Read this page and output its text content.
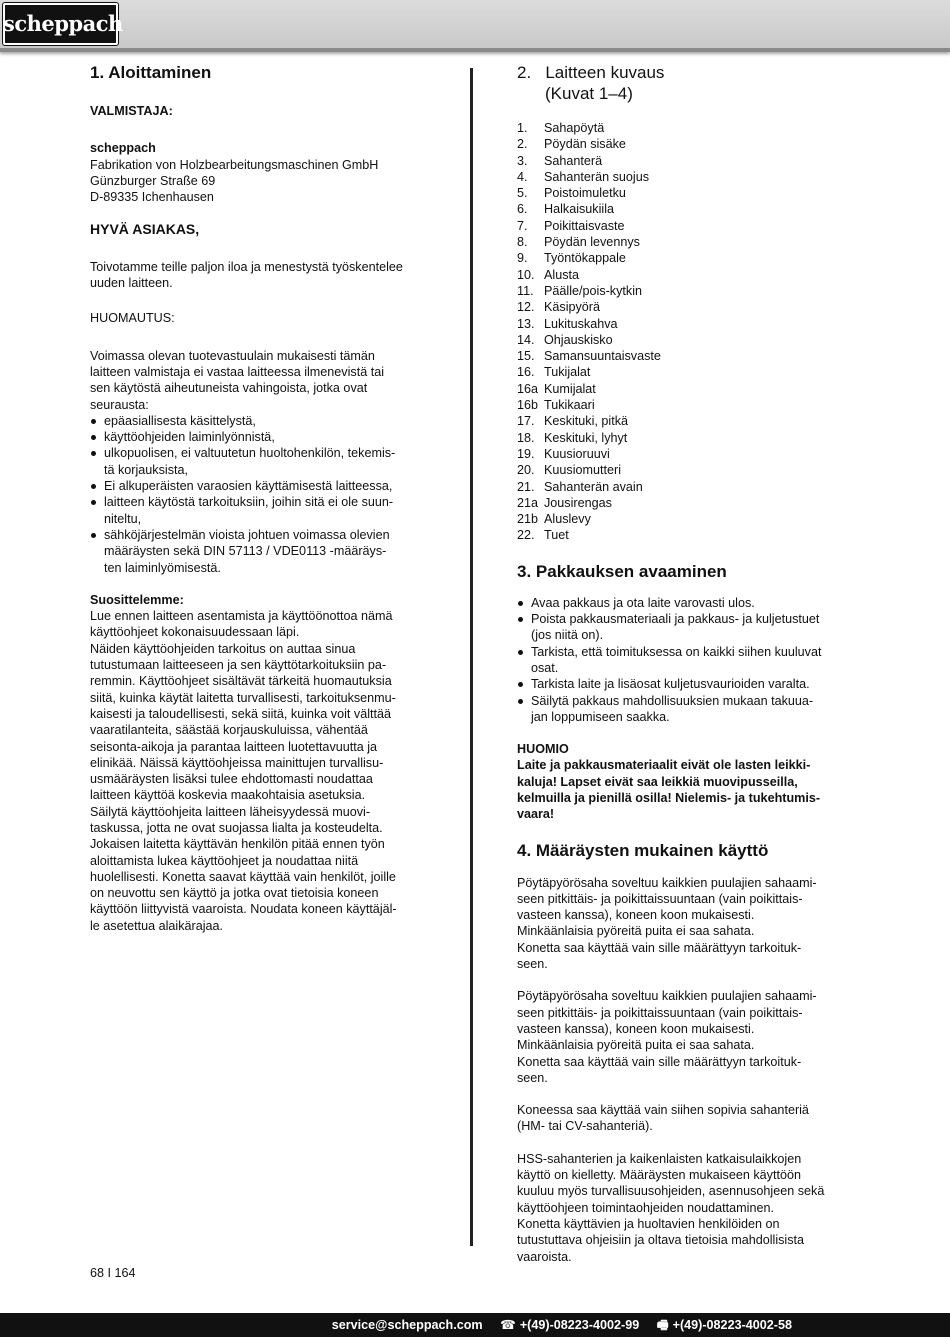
scheppach
1. Aloittaminen

VALMISTAJA:

scheppach

Fabrikation von Holzbearbeitungsmaschinen GmbH
Günzburger Straße 69
D-89335 Ichenhausen

HYVÄ ASIAKAS,

Toivotamme teille paljon iloa ja menestystä työskentelee
uuden laitteen.

HUOMAUTUS:

Voimassa olevan tuotevastuulain mukaisesti tämän
laitteen valmistaja ei vastaa laitteessa ilmenevistä tai
sen käytöstä aiheutuneista vahingoista, jotka ovat
seurausta:
epäasiallisesta käsittelystä,
käyttöohjeiden laiminlyönnistä,
ulkopuolisen, ei valtuutetun huoltohenkilön, tekemis-
tä korjauksista,
Ei alkuperäisten varaosien käyttämisestä laitteessa,
laitteen käytöstä tarkoituksiin, joihin sitä ei ole suun-
niteltu,
sähköjärjestelmän vioista johtuen voimassa olevien
määräysten sekä DIN 57113 / VDE0113 -määräys-
ten laiminlyömisestä.

Suosittelemme:

Lue ennen laitteen asentamista ja käyttöönottoa nämä
käyttöohjeet kokonaisuudessaan läpi.
Näiden käyttöohjeiden tarkoitus on auttaa sinua
tutustumaan laitteeseen ja sen käyttötarkoituksiin pa-
remmin. Käyttöohjeet sisältävät tärkeitä huomautuksia
siitä, kuinka käytät laitetta turvallisesti, tarkoituksenmu-
kaisesti ja taloudellisesti, sekä siitä, kuinka voit välttää
vaaratilanteita, säästää korjauskuluissa, vähentää
seisonta-aikoja ja parantaa laitteen luotettavuutta ja
elinikää. Näissä käyttöohjeissa mainittujen turvallisu-
usmääräysten lisäksi tulee ehdottomasti noudattaa
laitteen käyttöä koskevia maakohtaisia asetuksia.
Säilytä käyttöohjeita laitteen läheisyydessä muovi-
taskussa, jotta ne ovat suojassa lialta ja kosteudelta.
Jokaisen laitetta käyttävän henkilön pitää ennen työn
aloittamista lukea käyttöohjeet ja noudattaa niitä
huolellisesti. Konetta saavat käyttää vain henkilöt, joille
on neuvottu sen käyttö ja jotka ovat tietoisia koneen
käyttöön liittyvistä vaaroista. Noudata koneen käyttäjäl-
le asetettua alaikärajaa.
2.   Laitteen kuvaus
(Kuvat 1–4)
1.	Sahapöytä
2.	Pöydän sisäke
3.	Sahanterä
4.	Sahanterän suojus
5.	Poistoimuletku
6.	Halkaisukiila
7.	Poikittaisvaste
8.	Pöydän levennys
9.	Työntökappale
10. Alusta
11. Päälle/pois-kytkin
12. Käsipyörä
13. Lukituskahva
14. Ohjauskisko
15. Samansuuntaisvaste
16. Tukijalat
16a Kumijalat
16b Tukikaari
17. Keskituki, pitkä
18. Keskituki, lyhyt
19. Kuusioruuvi
20. Kuusiomutteri
21. Sahanterän avain
21a Jousirengas
21b Aluslevy
22. Tuet
3. Pakkauksen avaaminen
Avaa pakkaus ja ota laite varovasti ulos.
Poista pakkausmateriaali ja pakkaus- ja kuljetustuet
(jos niitä on).
Tarkista, että toimituksessa on kaikki siihen kuuluvat
osat.
Tarkista laite ja lisäosat kuljetusvaurioiden varalta.
Säilytä pakkaus mahdollisuuksien mukaan takuua-
jan loppumiseen saakka.

HUOMIO

Laite ja pakkausmateriaalit eivät ole lasten leikki-
kaluja! Lapset eivät saa leikkiä muovipusseilla,
kelmuilla ja pienillä osilla! Nielemis- ja tukehtumis-
vaara!
4. Määräysten mukainen käyttö
Pöytäpyörösaha soveltuu kaikkien puulajien sahaami-
seen pitkittäis- ja poikittaissuuntaan (vain poikittais-
vasteen kanssa), koneen koon mukaisesti.
Minkäänlaisia pyöreitä puita ei saa sahata.
Konetta saa käyttää vain sille määrättyyn tarkoituk-
seen.
Pöytäpyörösaha soveltuu kaikkien puulajien sahaami-
seen pitkittäis- ja poikittaissuuntaan (vain poikittais-
vasteen kanssa), koneen koon mukaisesti.
Minkäänlaisia pyöreitä puita ei saa sahata.
Konetta saa käyttää vain sille määrättyyn tarkoituk-
seen.
Koneessa saa käyttää vain siihen sopivia sahanteriä
(HM- tai CV-sahanteriä).
HSS-sahanterien ja kaikenlaisten katkaisulaikkojen
käyttö on kielletty. Määräysten mukaiseen käyttöön
kuuluu myös turvallisuusohjeiden, asennusohjeen sekä
käyttöohjeen toimintaohjeiden noudattaminen.
Konetta käyttävien ja huoltavien henkilöiden on
tutustuttava ohjeisiin ja oltava tietoisia mahdollisista
vaaroista.
68 I 164
service@scheppach.com ☎ +(49)-08223-4002-99 🖷 +(49)-08223-4002-58
